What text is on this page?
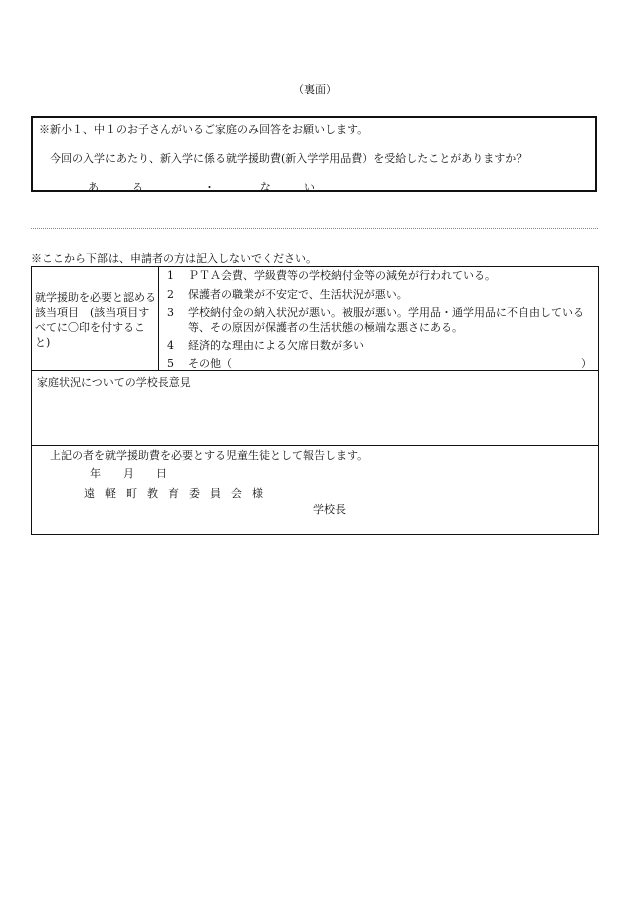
（裏面）
※新小１、中１のお子さんがいるご家庭のみ回答をお願いします。
今回の入学にあたり、新入学に係る就学援助費(新入学学用品費）を受給したことがありますか？
あ　　　る	・	な　　　い
※ここから下部は、申請者の方は記入しないでください。
就学援助を必要と認める該当項目　(該当項目すべてに〇印を付すること)
1 ＰＴＡ会費、学級費等の学校納付金等の減免が行われている。
2 保護者の職業が不安定で、生活状況が悪い。
3 学校納付金の納入状況が悪い。被服が悪い。学用品・通学用品に不自由している等、その原因が保護者の生活状態の極端な悪さにある。
4 経済的な理由による欠席日数が多い
5 その他（	）
家庭状況についての学校長意見
上記の者を就学援助費を必要とする児童生徒として報告します。
年　　月　　日
遠軽町教育委員会様
学校長
